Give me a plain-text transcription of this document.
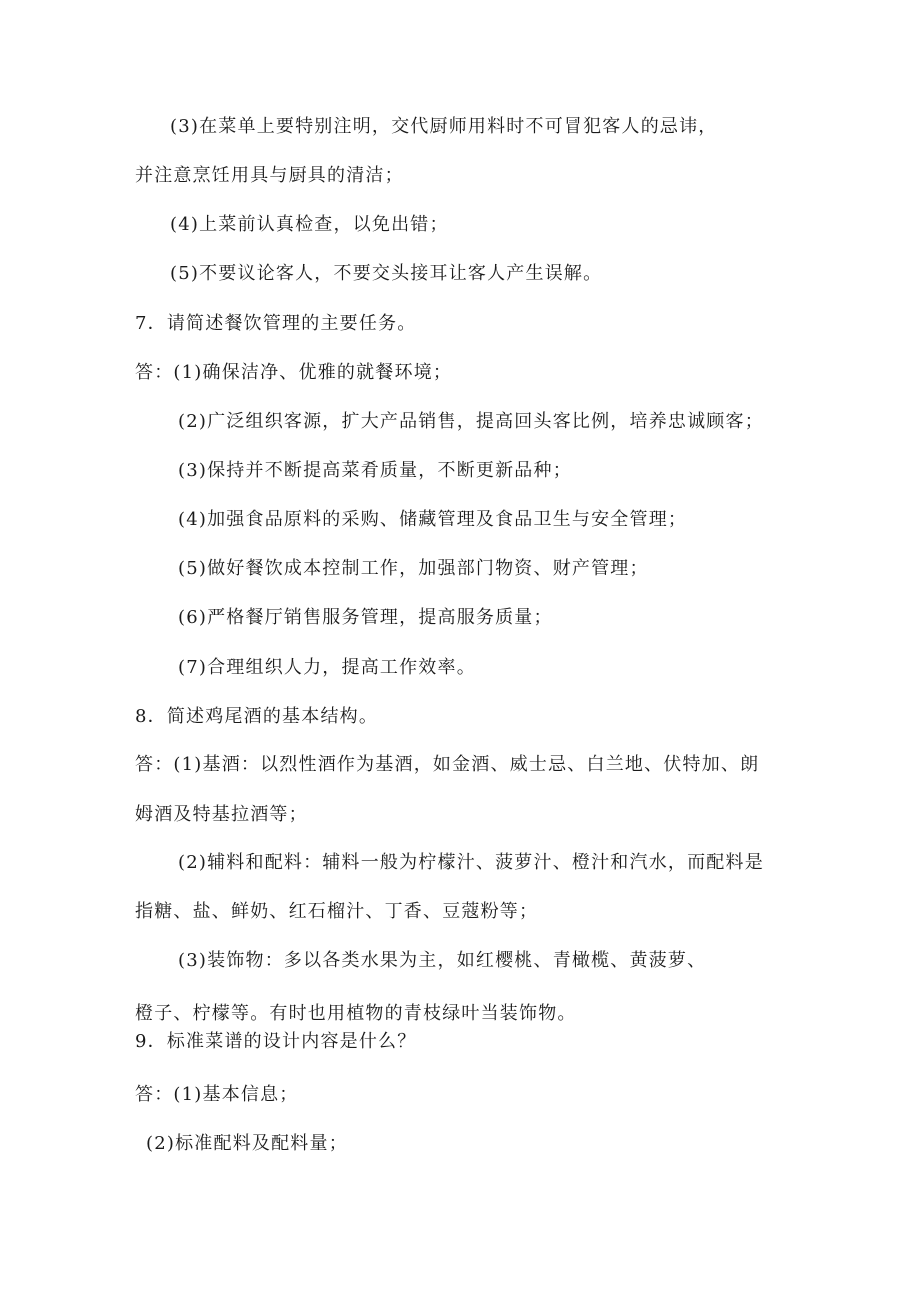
(3)在菜单上要特别注明，交代厨师用料时不可冒犯客人的忌讳，
并注意烹饪用具与厨具的清洁；
(4)上菜前认真检查，以免出错；
(5)不要议论客人，不要交头接耳让客人产生误解。
7．请简述餐饮管理的主要任务。
答：(1)确保洁净、优雅的就餐环境；
(2)广泛组织客源，扩大产品销售，提高回头客比例，培养忠诚顾客；
(3)保持并不断提高菜肴质量，不断更新品种；
(4)加强食品原料的采购、储藏管理及食品卫生与安全管理；
(5)做好餐饮成本控制工作，加强部门物资、财产管理；
(6)严格餐厅销售服务管理，提高服务质量；
(7)合理组织人力，提高工作效率。
8．简述鸡尾酒的基本结构。
答：(1)基酒：以烈性酒作为基酒，如金酒、威士忌、白兰地、伏特加、朗
姆酒及特基拉酒等；
(2)辅料和配料：辅料一般为柠檬汁、菠萝汁、橙汁和汽水，而配料是
指糖、盐、鲜奶、红石榴汁、丁香、豆蔻粉等；
(3)装饰物：多以各类水果为主，如红樱桃、青橄榄、黄菠萝、
橙子、柠檬等。有时也用植物的青枝绿叶当装饰物。
9．标准菜谱的设计内容是什么？
答：(1)基本信息；
(2)标准配料及配料量；
